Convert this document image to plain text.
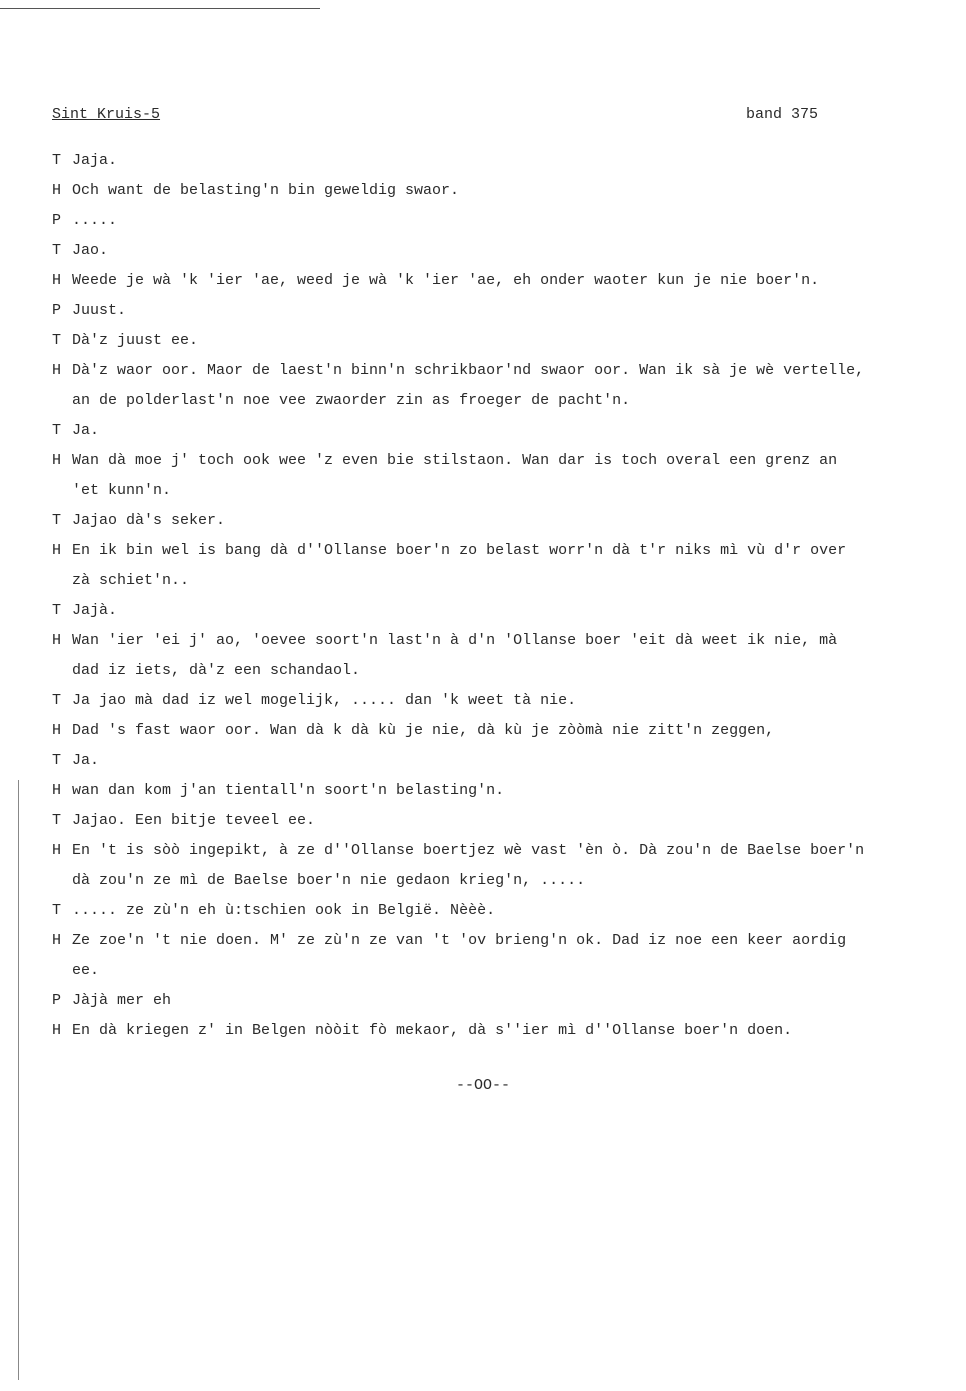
Sint Kruis-5	band 375
T Jaja.
H Och want de belasting'n bin geweldig swaor.
P .....
T Jao.
H Weede je wà 'k 'ier 'ae, weed je wà 'k 'ier 'ae, eh onder waoter kun je nie boer'n.
P Juust.
T Dà'z juust ee.
H Dà'z waor oor. Maor de laest'n binn'n schrikbaor'nd swaor oor. Wan ik sà je wè vertelle,
an de polderlast'n noe vee zwaorder zin as froeger de pacht'n.
T Ja.
H Wan dà moe j' toch ook wee 'z even bie stilstaon. Wan dar is toch overal een grenz an
'et kunn'n.
T Jajao dà's seker.
H En ik bin wel is bang dà d''Ollanse boer'n zo belast worr'n dà t'r niks mì vù d'r over
zà schiet'n..
T Jajà.
H Wan 'ier 'ei j' ao, 'oevee soort'n last'n à d'n 'Ollanse boer 'eit dà weet ik nie, mà
dad iz iets, dà'z een schandaol.
T Ja jao mà dad iz wel mogelijk, ..... dan 'k weet tà nie.
H Dad 's fast waor oor. Wan dà k dà kù je nie, dà kù je zòòmà nie zitt'n zeggen,
T Ja.
H wan dan kom j'an tientall'n soort'n belasting'n.
T Jajao. Een bitje teveel ee.
H En 't is sòò ingepikt, à ze d''Ollanse boertjez wè vast 'èn ò. Dà zou'n de Baelse boer'n
dà zou'n ze mì de Baelse boer'n nie gedaon krieg'n, .....
T ..... ze zù'n eh ù:tschien ook in België. Nèèè.
H Ze zoe'n 't nie doen. M' ze zù'n ze van 't 'ov brieng'n ok. Dad iz noe een keer aordig
ee.
P Jàjà mer eh
H En dà kriegen z' in Belgen nòòit fò mekaor, dà s''ier mì d''Ollanse boer'n doen.
--OO--
